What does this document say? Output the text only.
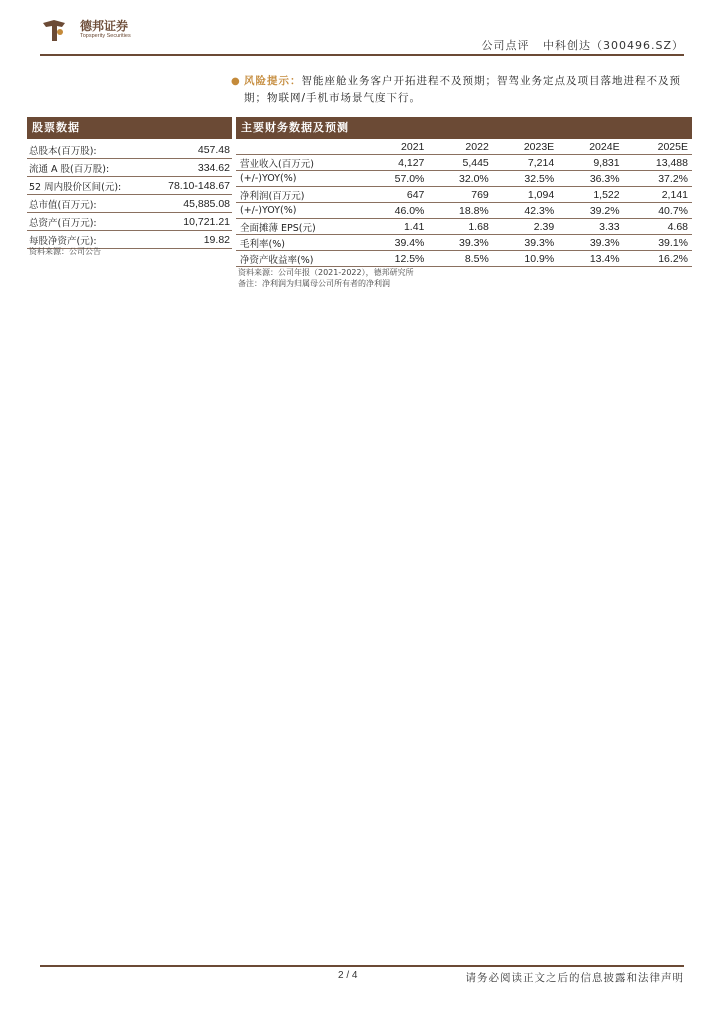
德邦证券
Topsperity Securities
公司点评 中科创达（300496.SZ）
● 风险提示：智能座舱业务客户开拓进程不及预期；智驾业务定点及项目落地进程不及预期；物联网/手机市场景气度下行。
股票数据
总股本(百万股):	457.48
流通 A 股(百万股):	334.62
52 周内股价区间(元):	78.10-148.67
总市值(百万元):	45,885.08
总资产(百万元):	10,721.21
每股净资产(元):	19.82
资料来源：公司公告
主要财务数据及预测
	2021	2022	2023E	2024E	2025E
营业收入(百万元)	4,127	5,445	7,214	9,831	13,488
(+/-)YOY(%)	57.0%	32.0%	32.5%	36.3%	37.2%
净利润(百万元)	647	769	1,094	1,522	2,141
(+/-)YOY(%)	46.0%	18.8%	42.3%	39.2%	40.7%
全面摊薄 EPS(元)	1.41	1.68	2.39	3.33	4.68
毛利率(%)	39.4%	39.3%	39.3%	39.3%	39.1%
净资产收益率(%)	12.5%	8.5%	10.9%	13.4%	16.2%
资料来源：公司年报（2021-2022），德邦研究所
备注：净利润为归属母公司所有者的净利润
2 / 4	请务必阅读正文之后的信息披露和法律声明
